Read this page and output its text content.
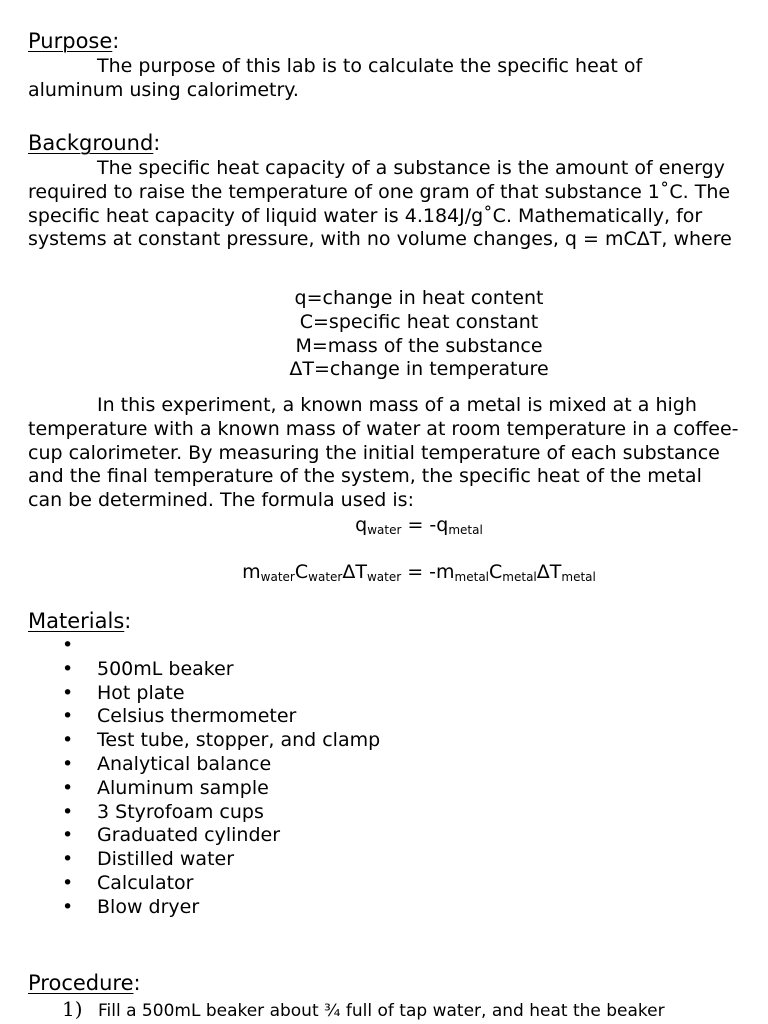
Purpose:

The purpose of this lab is to calculate the specific heat of aluminum using calorimetry.

Background:

The specific heat capacity of a substance is the amount of energy required to raise the temperature of one gram of that substance 1˚C. The specific heat capacity of liquid water is 4.184J/g˚C. Mathematically, for systems at constant pressure, with no volume changes, q = mCΔT, where

q=change in heat content
C=specific heat constant
M=mass of the substance
ΔT=change in temperature

In this experiment, a known mass of a metal is mixed at a high temperature with a known mass of water at room temperature in a coffee-cup calorimeter. By measuring the initial temperature of each substance and the final temperature of the system, the specific heat of the metal can be determined. The formula used is:

$q_{water} = -q_{metal}$
$m_{water}C_{water}\Delta T_{water} = -m_{metal}C_{metal}\Delta T_{metal}$
Materials:
•
• 500mL beaker
• Hot plate
• Celsius thermometer
• Test tube, stopper, and clamp
• Analytical balance
• Aluminum sample
• 3 Styrofoam cups
• Graduated cylinder
• Distilled water
• Calculator
• Blow dryer
Procedure:
1) Fill a 500mL beaker about ¾ full of tap water, and heat the beaker
